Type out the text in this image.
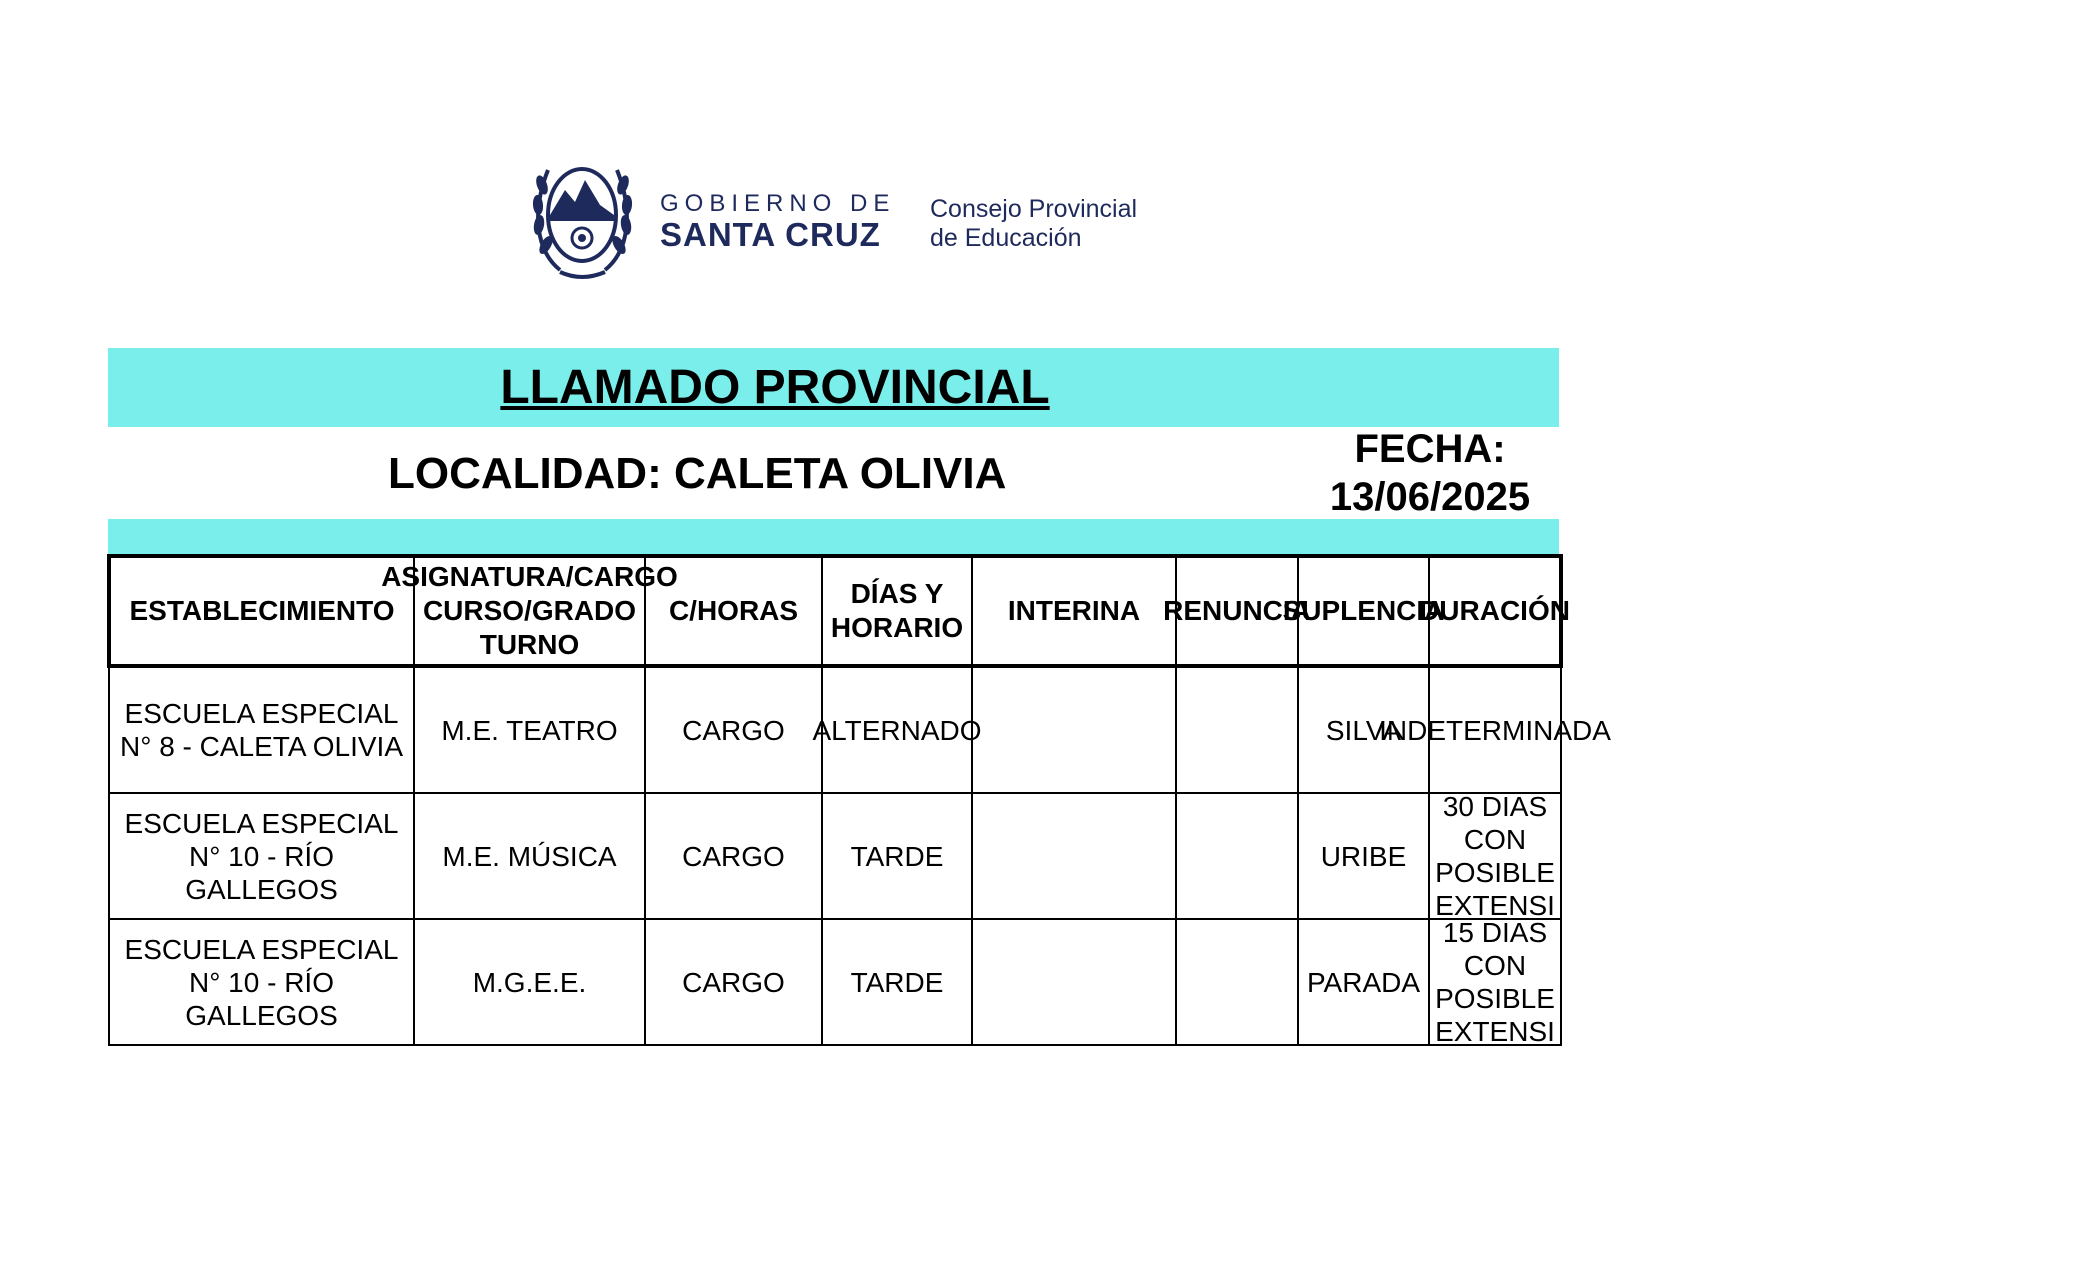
GOBIERNO DE
SANTA CRUZ
Consejo Provincial
de Educación
LLAMADO PROVINCIAL
LOCALIDAD: CALETA OLIVIA	FECHA:
13/06/2025
ESTABLECIMIENTO	ASIGNATURA/CARGO CURSO/GRADO TURNO	C/HORAS	DÍAS Y HORARIO	INTERINA	RENUNCIA	SUPLENCIA	DURACIÓN

ESCUELA ESPECIAL N° 8 - CALETA OLIVIA	M.E. TEATRO	CARGO	ALTERNADO			SILVA	INDETERMINADA

ESCUELA ESPECIAL N° 10 - RÍO GALLEGOS	M.E. MÚSICA	CARGO	TARDE			URIBE	30 DIAS CON POSIBLE EXTENSI

ESCUELA ESPECIAL N° 10 - RÍO GALLEGOS	M.G.E.E.	CARGO	TARDE			PARADA	15 DIAS CON POSIBLE EXTENSI
